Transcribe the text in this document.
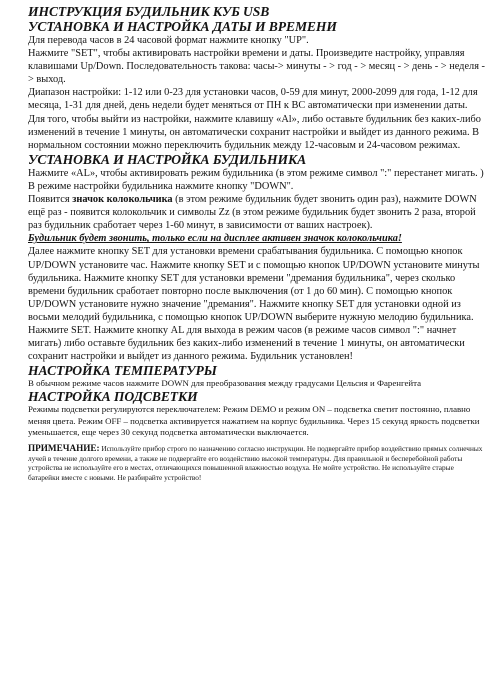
ИНСТРУКЦИЯ БУДИЛЬНИК КУБ USB
УСТАНОВКА И НАСТРОЙКА ДАТЫ И ВРЕМЕНИ

Для перевода часов в 24 часовой формат нажмите кнопку "UP".

Нажмите "SET", чтобы активировать настройки времени и даты. Произведите настройку, управляя клавишами Up/Down. Последовательность такова: часы-> минуты - > год - > месяц - > день - > неделя - > выход.

Диапазон настройки: 1-12 или 0-23 для установки часов, 0-59 для минут, 2000-2099 для года, 1-12 для месяца, 1-31 для дней, день недели будет меняться от ПН к ВС автоматически при изменении даты.

Для того, чтобы выйти из настройки, нажмите клавишу «Al», либо оставьте будильник без каких-либо изменений в течение 1 минуты, он автоматически сохранит настройки и выйдет из данного режима. В нормальном состоянии можно переключить будильник между 12-часовым и 24-часовом режимах.

УСТАНОВКА И НАСТРОЙКА БУДИЛЬНИКА

Нажмите «AL», чтобы активировать режим будильника (в этом режиме символ ":" перестанет мигать. ) В режиме настройки будильника нажмите кнопку "DOWN".

Появится значок колокольчика (в этом режиме будильник будет звонить один раз), нажмите DOWN ещё раз - появится колокольчик и символы Zz (в этом режиме будильник будет звонить 2 раза, второй раз будильник сработает через 1-60 минут, в зависимости от ваших настроек).

Будильник будет звонить, только если на дисплее активен значок колокольчика!

Далее нажмите кнопку SET для установки времени срабатывания будильника. С помощью кнопок UP/DOWN установите час. Нажмите кнопку SET и с помощью кнопок UP/DOWN установите минуты будильника. Нажмите кнопку SET для установки времени "дремания будильника", через сколько времени будильник сработает повторно после выключения (от 1 до 60 мин). С помощью кнопок UP/DOWN установите нужно значение "дремания". Нажмите кнопку SET для установки одной из восьми мелодий будильника, с помощью кнопок UP/DOWN выберите нужную мелодию будильника. Нажмите SET. Нажмите кнопку AL для выхода в режим часов (в режиме часов символ ":" начнет мигать) либо оставьте будильник без каких-либо изменений в течение 1 минуты, он автоматически сохранит настройки и выйдет из данного режима. Будильник установлен!

НАСТРОЙКА ТЕМПЕРАТУРЫ

В обычном режиме часов нажмите DOWN для преобразования между градусами Цельсия и Фаренгейта

НАСТРОЙКА ПОДСВЕТКИ

Режимы подсветки регулируются переключателем: Режим DEMO и режим ON – подсветка светит постоянно, плавно меняя цвета. Режим OFF – подсветка активируется нажатием на корпус будильника. Через 15 секунд яркость подсветки уменьшается, еще через 30 секунд подсветка автоматически выключается.

ПРИМЕЧАНИЕ: Используйте прибор строго по назначению согласно инструкции. Не подвергайте прибор воздействию прямых солнечных лучей в течение долгого времени, а также не подвергайте его воздействию высокой температуры. Для правильной и бесперебойной работы устройства не используйте его в местах, отличающихся повышенной влажностью воздуха. Не мойте устройство. Не используйте старые батарейки вместе с новыми. Не разбирайте устройство!
